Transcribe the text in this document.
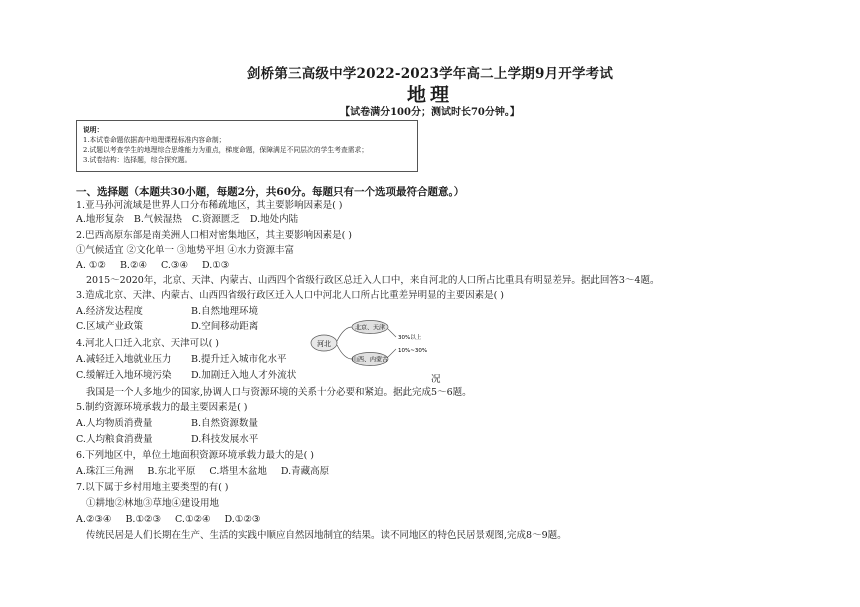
剑桥第三高级中学2022-2023学年高二上学期9月开学考试
地理
【试卷满分100分；测试时长70分钟。】
说明：
1.本试卷命题依据高中地理课程标准内容命制；
2.试题以考查学生的地理综合思维能力为重点，梯度命题，保障满足不同层次的学生考查需求；
3.试卷结构：选择题，综合探究题。
一、选择题（本题共30小题，每题2分，共60分。每题只有一个选项最符合题意。）
1.亚马孙河流域是世界人口分布稀疏地区，其主要影响因素是( )
A.地形复杂 B.气候湿热 C.资源匮乏 D.地处内陆
2.巴西高原东部是南美洲人口相对密集地区，其主要影响因素是( )
①气候适宜 ②文化单一 ③地势平坦 ④水力资源丰富
A. ①② B.②④ C.③④ D.①③
2015～2020年，北京、天津、内蒙古、山西四个省级行政区总迁入人口中，来自河北的人口所占比重具有明显差异。据此回答3～4题。
3.造成北京、天津、内蒙古、山西四省级行政区迁入人口中河北人口所占比重差异明显的主要因素是( )
A.经济发达程度	B.自然地理环境
C.区域产业政策	D.空间移动距离
4.河北人口迁入北京、天津可以( )
A.减轻迁入地就业压力 B.提升迁入城市化水平
C.缓解迁入地环境污染 D.加剧迁入地人才外流状	况
河北
北京、天津
山西、内蒙古
30%以上
10%~30%
我国是一个人多地少的国家,协调人口与资源环境的关系十分必要和紧迫。据此完成5～6题。
5.制约资源环境承载力的最主要因素是( )
A.人均物质消费量	B.自然资源数量
C.人均粮食消费量	D.科技发展水平
6.下列地区中，单位土地面积资源环境承载力最大的是( )
A.珠江三角洲 B.东北平原 C.塔里木盆地 D.青藏高原
7.以下属于乡村用地主要类型的有( )
①耕地②林地③草地④建设用地
A.②③④ B.①②③ C.①②④ D.①②③
传统民居是人们长期在生产、生活的实践中顺应自然因地制宜的结果。读不同地区的特色民居景观图,完成8～9题。
